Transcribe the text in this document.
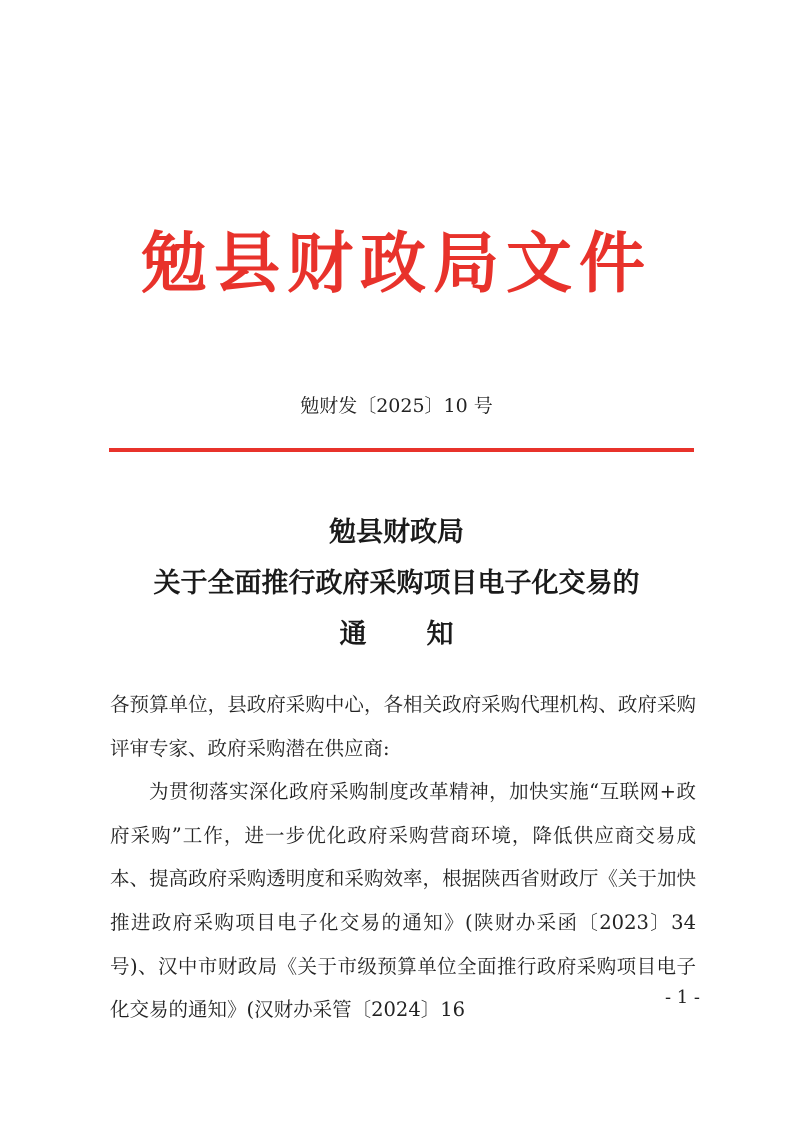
勉县财政局文件
勉财发〔2025〕10 号
勉县财政局
关于全面推行政府采购项目电子化交易的
通 知

各预算单位，县政府采购中心，各相关政府采购代理机构、政府采购评审专家、政府采购潜在供应商:

为贯彻落实深化政府采购制度改革精神，加快实施“互联网+政府采购”工作，进一步优化政府采购营商环境，降低供应商交易成本、提高政府采购透明度和采购效率，根据陕西省财政厅《关于加快推进政府采购项目电子化交易的通知》(陕财办采函〔2023〕34 号)、汉中市财政局《关于市级预算单位全面推行政府采购项目电子化交易的通知》(汉财办采管〔2024〕16

- 1 -
